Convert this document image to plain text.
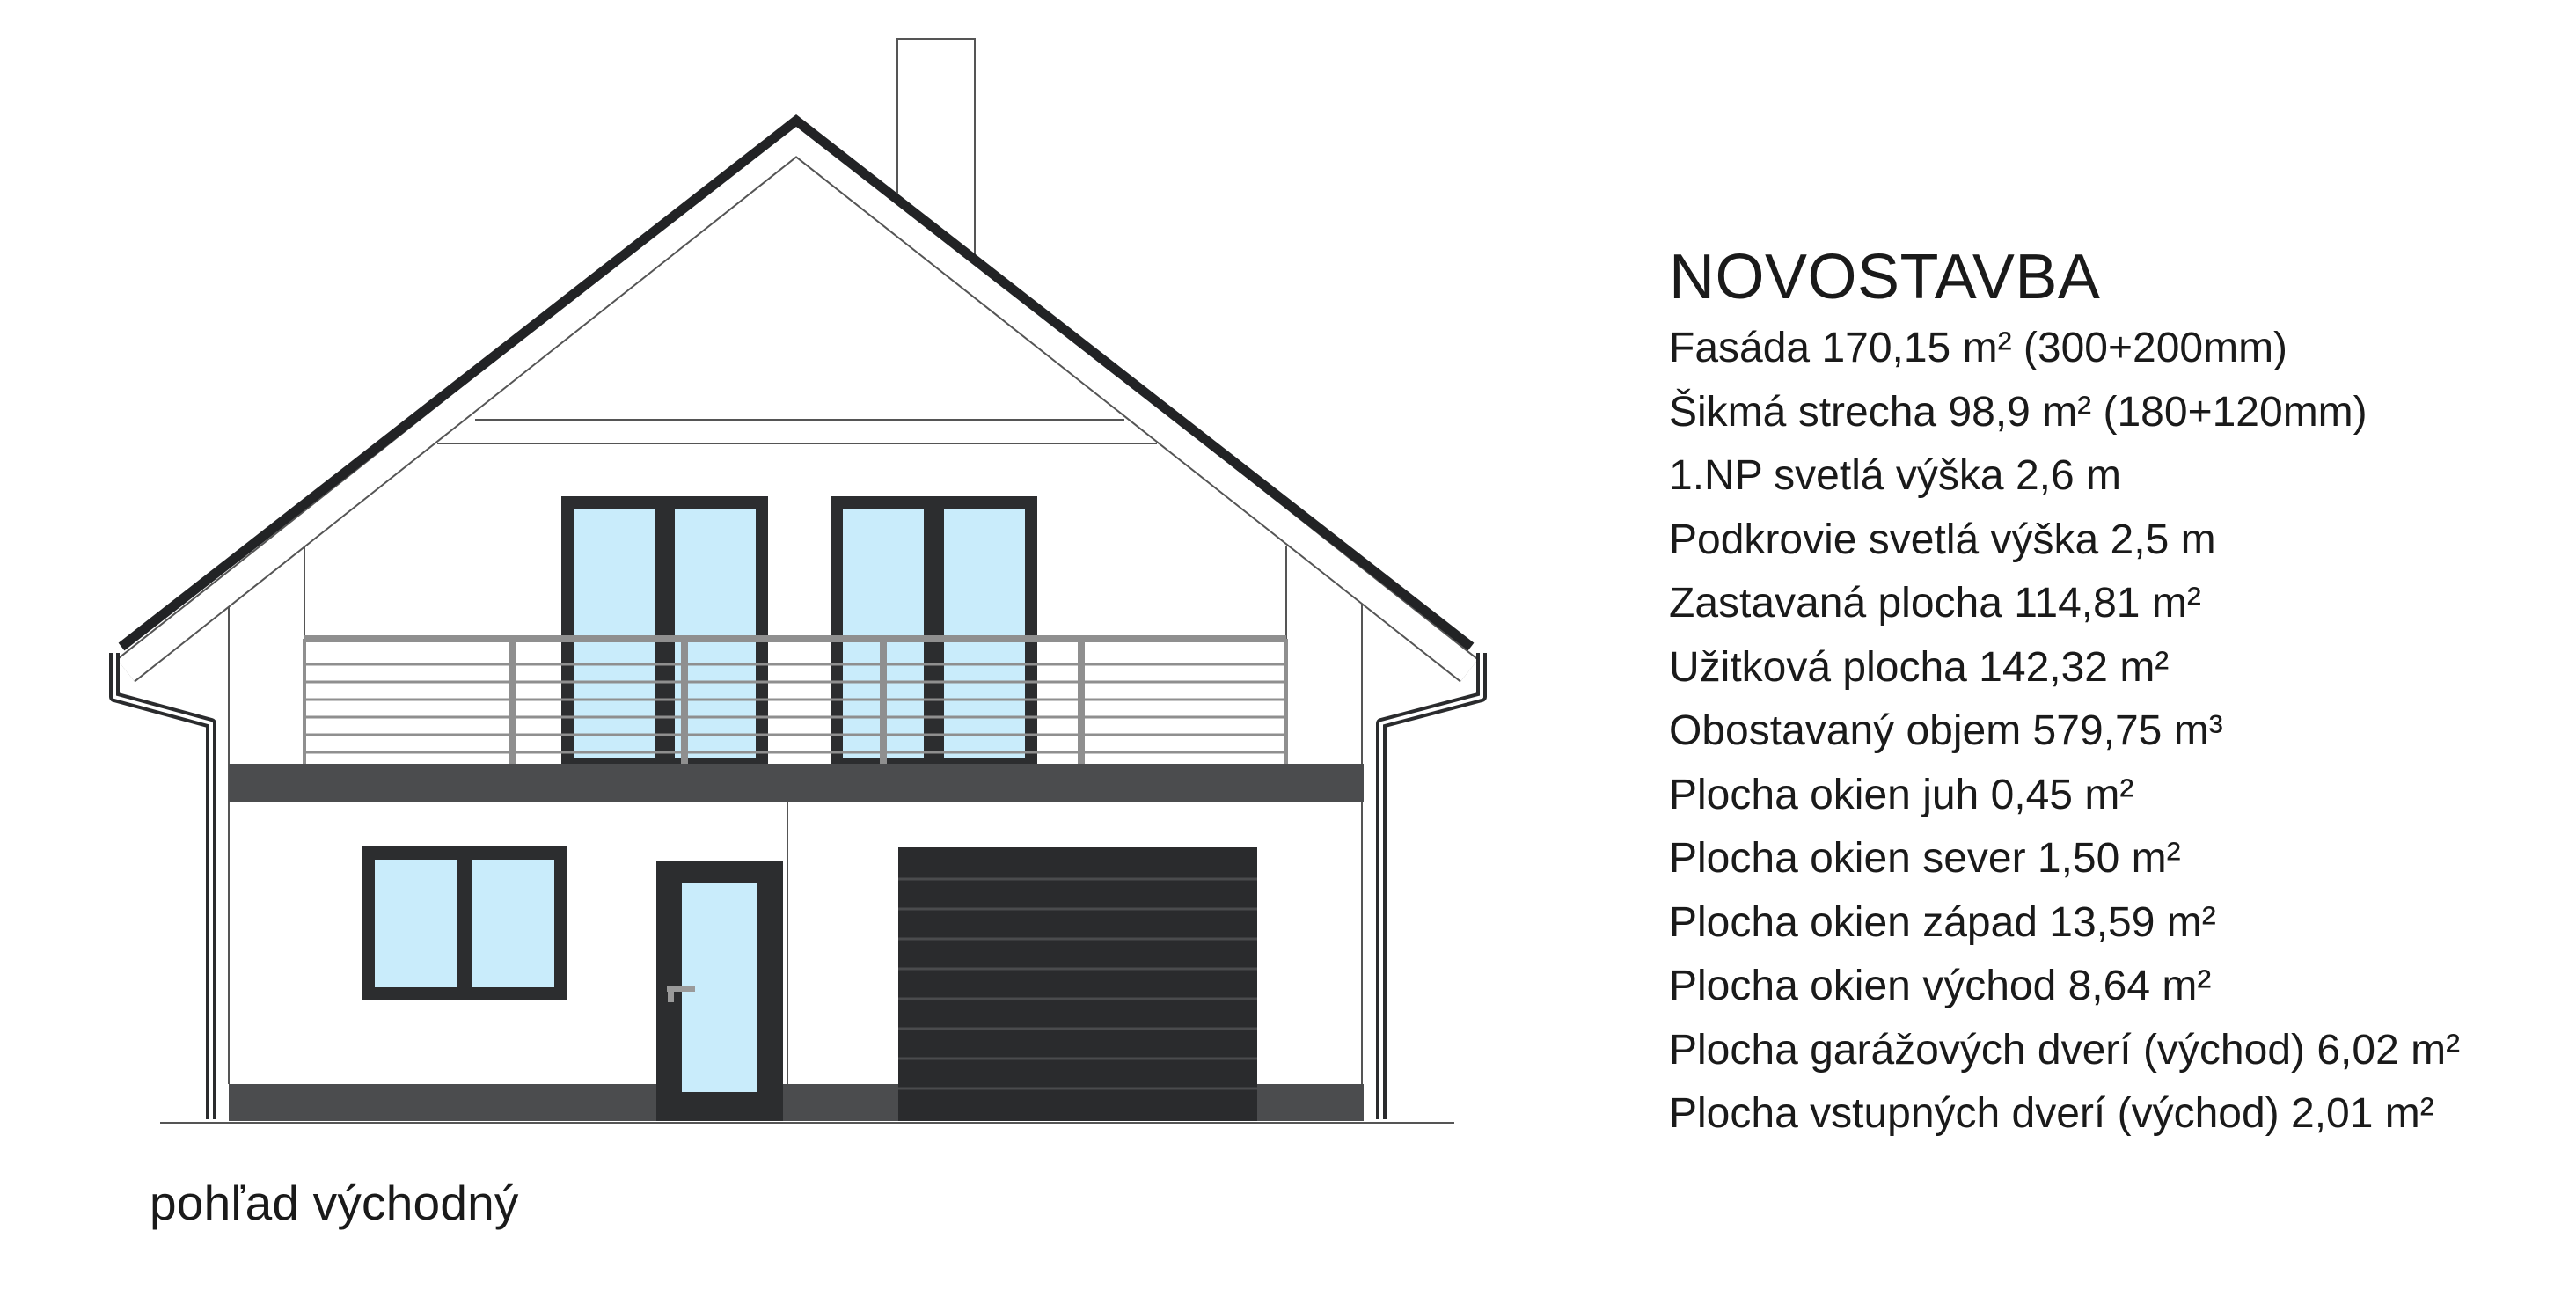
pohľad východný
NOVOSTAVBA
Fasáda 170,15 m² (300+200mm)
Šikmá strecha 98,9 m² (180+120mm)
1.NP svetlá výška 2,6 m
Podkrovie svetlá výška 2,5 m
Zastavaná plocha 114,81 m²
Užitková plocha 142,32 m²
Obostavaný objem 579,75 m³
Plocha okien juh 0,45 m²
Plocha okien sever 1,50 m²
Plocha okien západ 13,59 m²
Plocha okien východ 8,64 m²
Plocha garážových dverí (východ) 6,02 m²
Plocha vstupných dverí (východ) 2,01 m²
